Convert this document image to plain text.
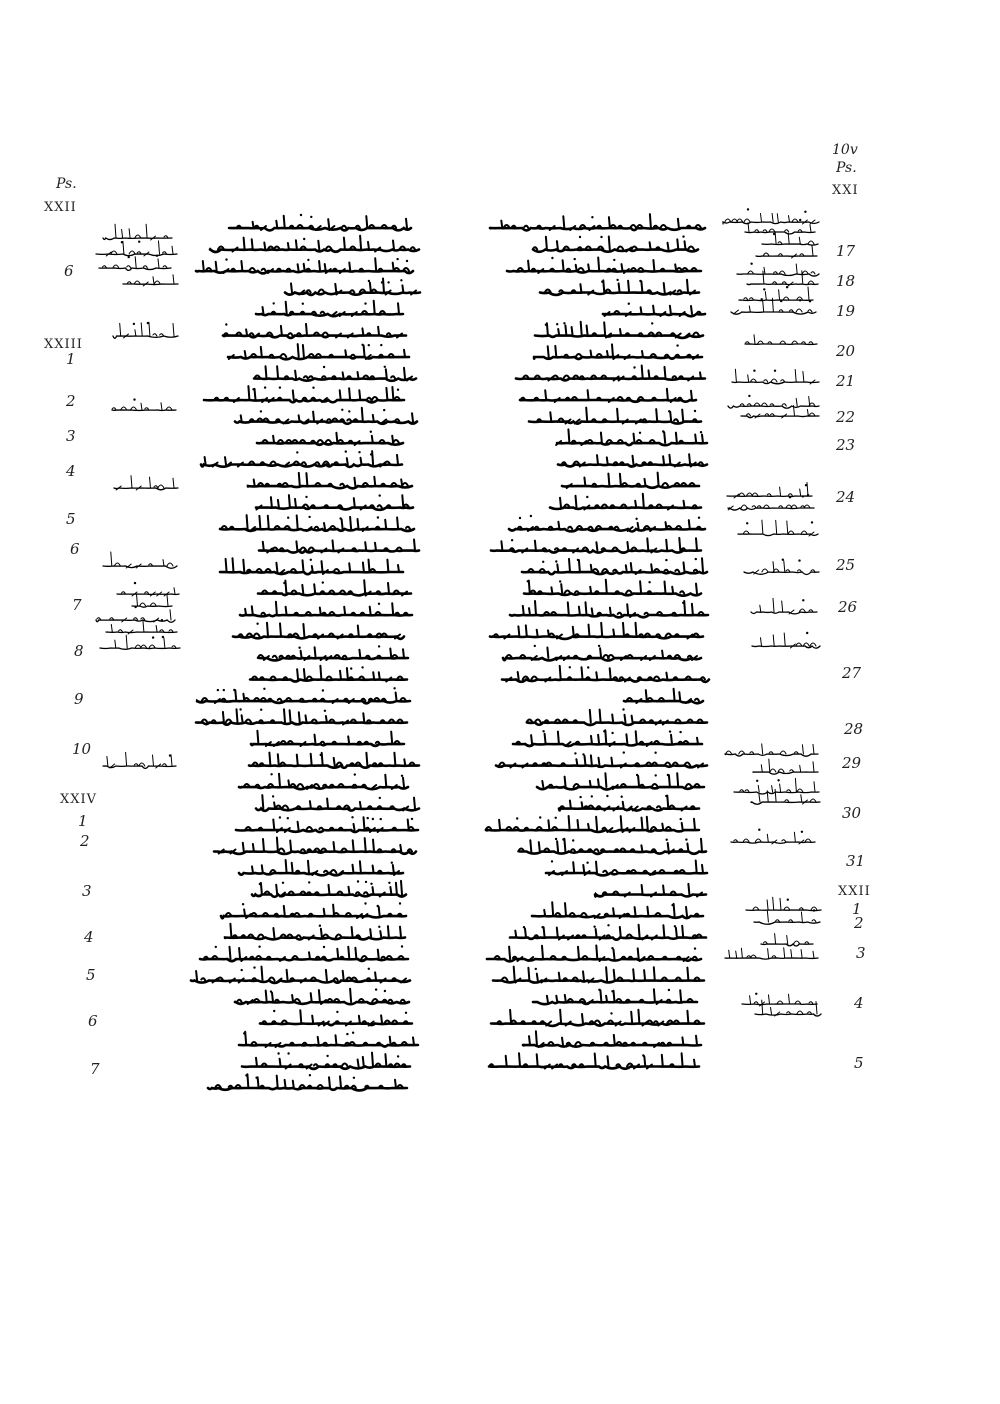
10v
Ps.
Ps.
XXII
XXIII
XXIV
6
1
2
3
4
5
6
7
8
9
10
1
2
3
4
5
6
7
XXI
XXII
17
18
19
20
21
22
23
24
25
26
27
28
29
30
31
1
2
3
4
5
